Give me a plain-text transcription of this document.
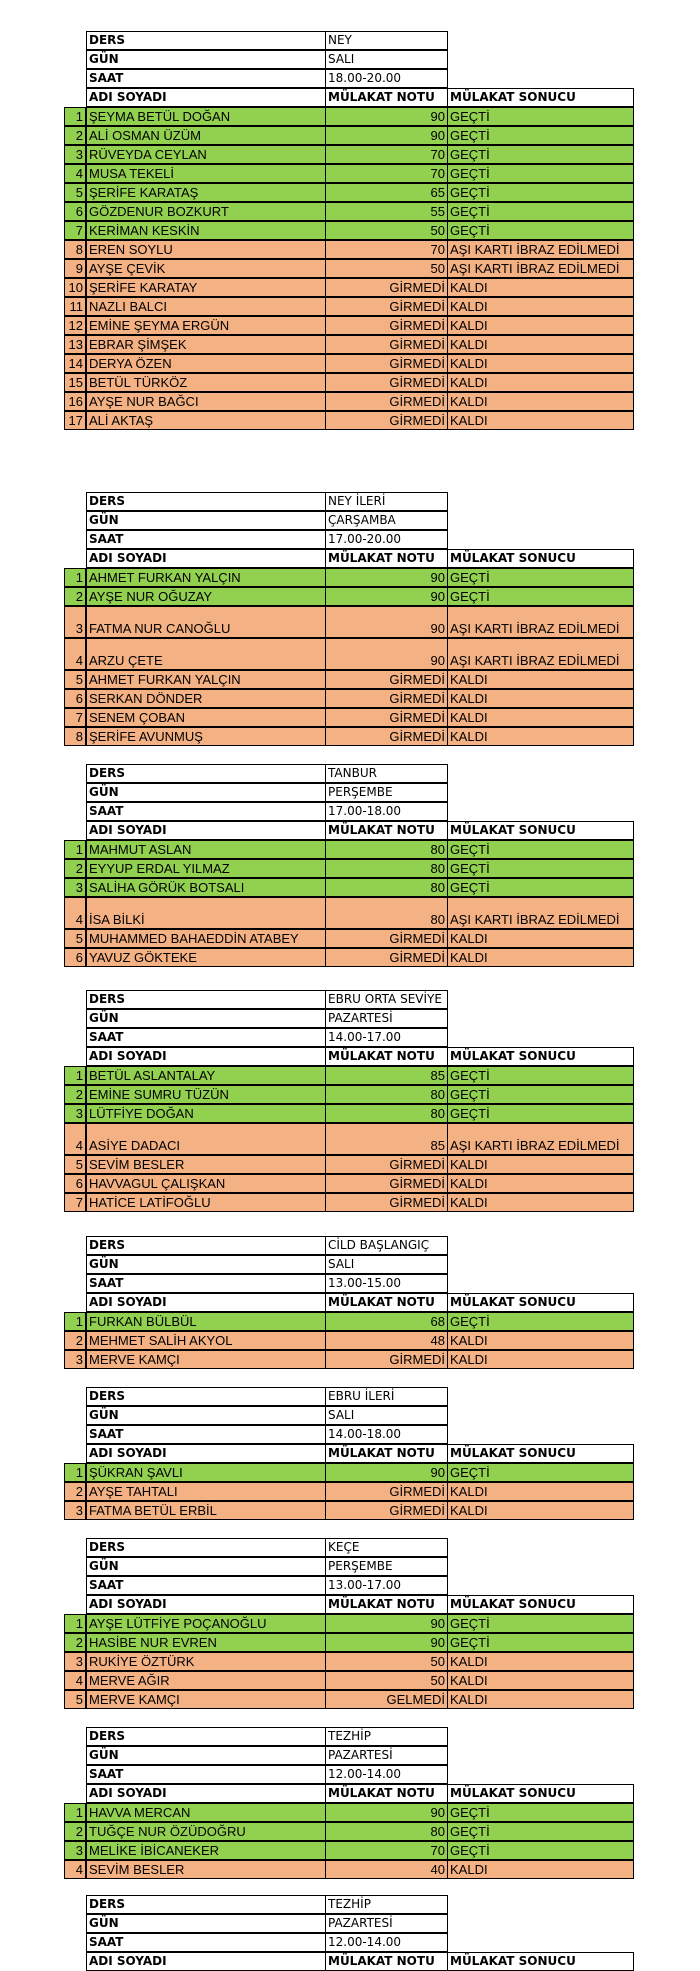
DERS	NEY
GÜN	SALI
SAAT	18.00-20.00
ADI SOYADI	MÜLAKAT NOTU	MÜLAKAT SONUCU
1 ŞEYMA BETÜL DOĞAN	90 GEÇTİ
2 ALİ OSMAN ÜZÜM	90 GEÇTİ
3 RÜVEYDA CEYLAN	70 GEÇTİ
4 MUSA TEKELİ	70 GEÇTİ
5 ŞERİFE KARATAŞ	65 GEÇTİ
6 GÖZDENUR BOZKURT	55 GEÇTİ
7 KERİMAN KESKİN	50 GEÇTİ
8 EREN SOYLU	70 AŞI KARTI İBRAZ EDİLMEDİ
9 AYŞE ÇEVİK	50 AŞI KARTI İBRAZ EDİLMEDİ
10 ŞERİFE KARATAY	GİRMEDİ KALDI
11 NAZLI BALCI	GİRMEDİ KALDI
12 EMİNE ŞEYMA ERGÜN	GİRMEDİ KALDI
13 EBRAR ŞİMŞEK	GİRMEDİ KALDI
14 DERYA ÖZEN	GİRMEDİ KALDI
15 BETÜL TÜRKÖZ	GİRMEDİ KALDI
16 AYŞE NUR BAĞCI	GİRMEDİ KALDI
17 ALİ AKTAŞ	GİRMEDİ KALDI
DERS	NEY İLERİ
GÜN	ÇARŞAMBA
SAAT	17.00-20.00
ADI SOYADI	MÜLAKAT NOTU	MÜLAKAT SONUCU
1 AHMET FURKAN YALÇIN	90 GEÇTİ
2 AYŞE NUR OĞUZAY	90 GEÇTİ
3 FATMA NUR CANOĞLU	90 AŞI KARTI İBRAZ EDİLMEDİ
4 ARZU ÇETE	90 AŞI KARTI İBRAZ EDİLMEDİ
5 AHMET FURKAN YALÇIN	GİRMEDİ KALDI
6 SERKAN DÖNDER	GİRMEDİ KALDI
7 SENEM ÇOBAN	GİRMEDİ KALDI
8 ŞERİFE AVUNMUŞ	GİRMEDİ KALDI
DERS	TANBUR
GÜN	PERŞEMBE
SAAT	17.00-18.00
ADI SOYADI	MÜLAKAT NOTU	MÜLAKAT SONUCU
1 MAHMUT ASLAN	80 GEÇTİ
2 EYYUP ERDAL YILMAZ	80 GEÇTİ
3 SALİHA GÖRÜK BOTSALI	80 GEÇTİ
4 İSA BİLKİ	80 AŞI KARTI İBRAZ EDİLMEDİ
5 MUHAMMED BAHAEDDİN ATABEY	GİRMEDİ KALDI
6 YAVUZ GÖKTEKE	GİRMEDİ KALDI
DERS	EBRU ORTA SEVİYE
GÜN	PAZARTESİ
SAAT	14.00-17.00
ADI SOYADI	MÜLAKAT NOTU	MÜLAKAT SONUCU
1 BETÜL ASLANTALAY	85 GEÇTİ
2 EMİNE SUMRU TÜZÜN	80 GEÇTİ
3 LÜTFİYE DOĞAN	80 GEÇTİ
4 ASİYE DADACI	85 AŞI KARTI İBRAZ EDİLMEDİ
5 SEVİM BESLER	GİRMEDİ KALDI
6 HAVVAGUL ÇALIŞKAN	GİRMEDİ KALDI
7 HATİCE LATİFOĞLU	GİRMEDİ KALDI
DERS	CİLD BAŞLANGIÇ
GÜN	SALI
SAAT	13.00-15.00
ADI SOYADI	MÜLAKAT NOTU	MÜLAKAT SONUCU
1 FURKAN BÜLBÜL	68 GEÇTİ
2 MEHMET SALİH AKYOL	48 KALDI
3 MERVE KAMÇI	GİRMEDİ KALDI
DERS	EBRU İLERİ
GÜN	SALI
SAAT	14.00-18.00
ADI SOYADI	MÜLAKAT NOTU	MÜLAKAT SONUCU
1 ŞÜKRAN ŞAVLI	90 GEÇTİ
2 AYŞE TAHTALI	GİRMEDİ KALDI
3 FATMA BETÜL ERBİL	GİRMEDİ KALDI
DERS	KEÇE
GÜN	PERŞEMBE
SAAT	13.00-17.00
ADI SOYADI	MÜLAKAT NOTU	MÜLAKAT SONUCU
1 AYŞE LÜTFİYE POÇANOĞLU	90 GEÇTİ
2 HASİBE NUR EVREN	90 GEÇTİ
3 RUKİYE ÖZTÜRK	50 KALDI
4 MERVE AĞIR	50 KALDI
5 MERVE KAMÇI	GELMEDİ KALDI
DERS	TEZHİP
GÜN	PAZARTESİ
SAAT	12.00-14.00
ADI SOYADI	MÜLAKAT NOTU	MÜLAKAT SONUCU
1 HAVVA MERCAN	90 GEÇTİ
2 TUĞÇE NUR ÖZÜDOĞRU	80 GEÇTİ
3 MELİKE İBİCANEKER	70 GEÇTİ
4 SEVİM BESLER	40 KALDI
DERS	TEZHİP
GÜN	PAZARTESİ
SAAT	12.00-14.00
ADI SOYADI	MÜLAKAT NOTU	MÜLAKAT SONUCU
